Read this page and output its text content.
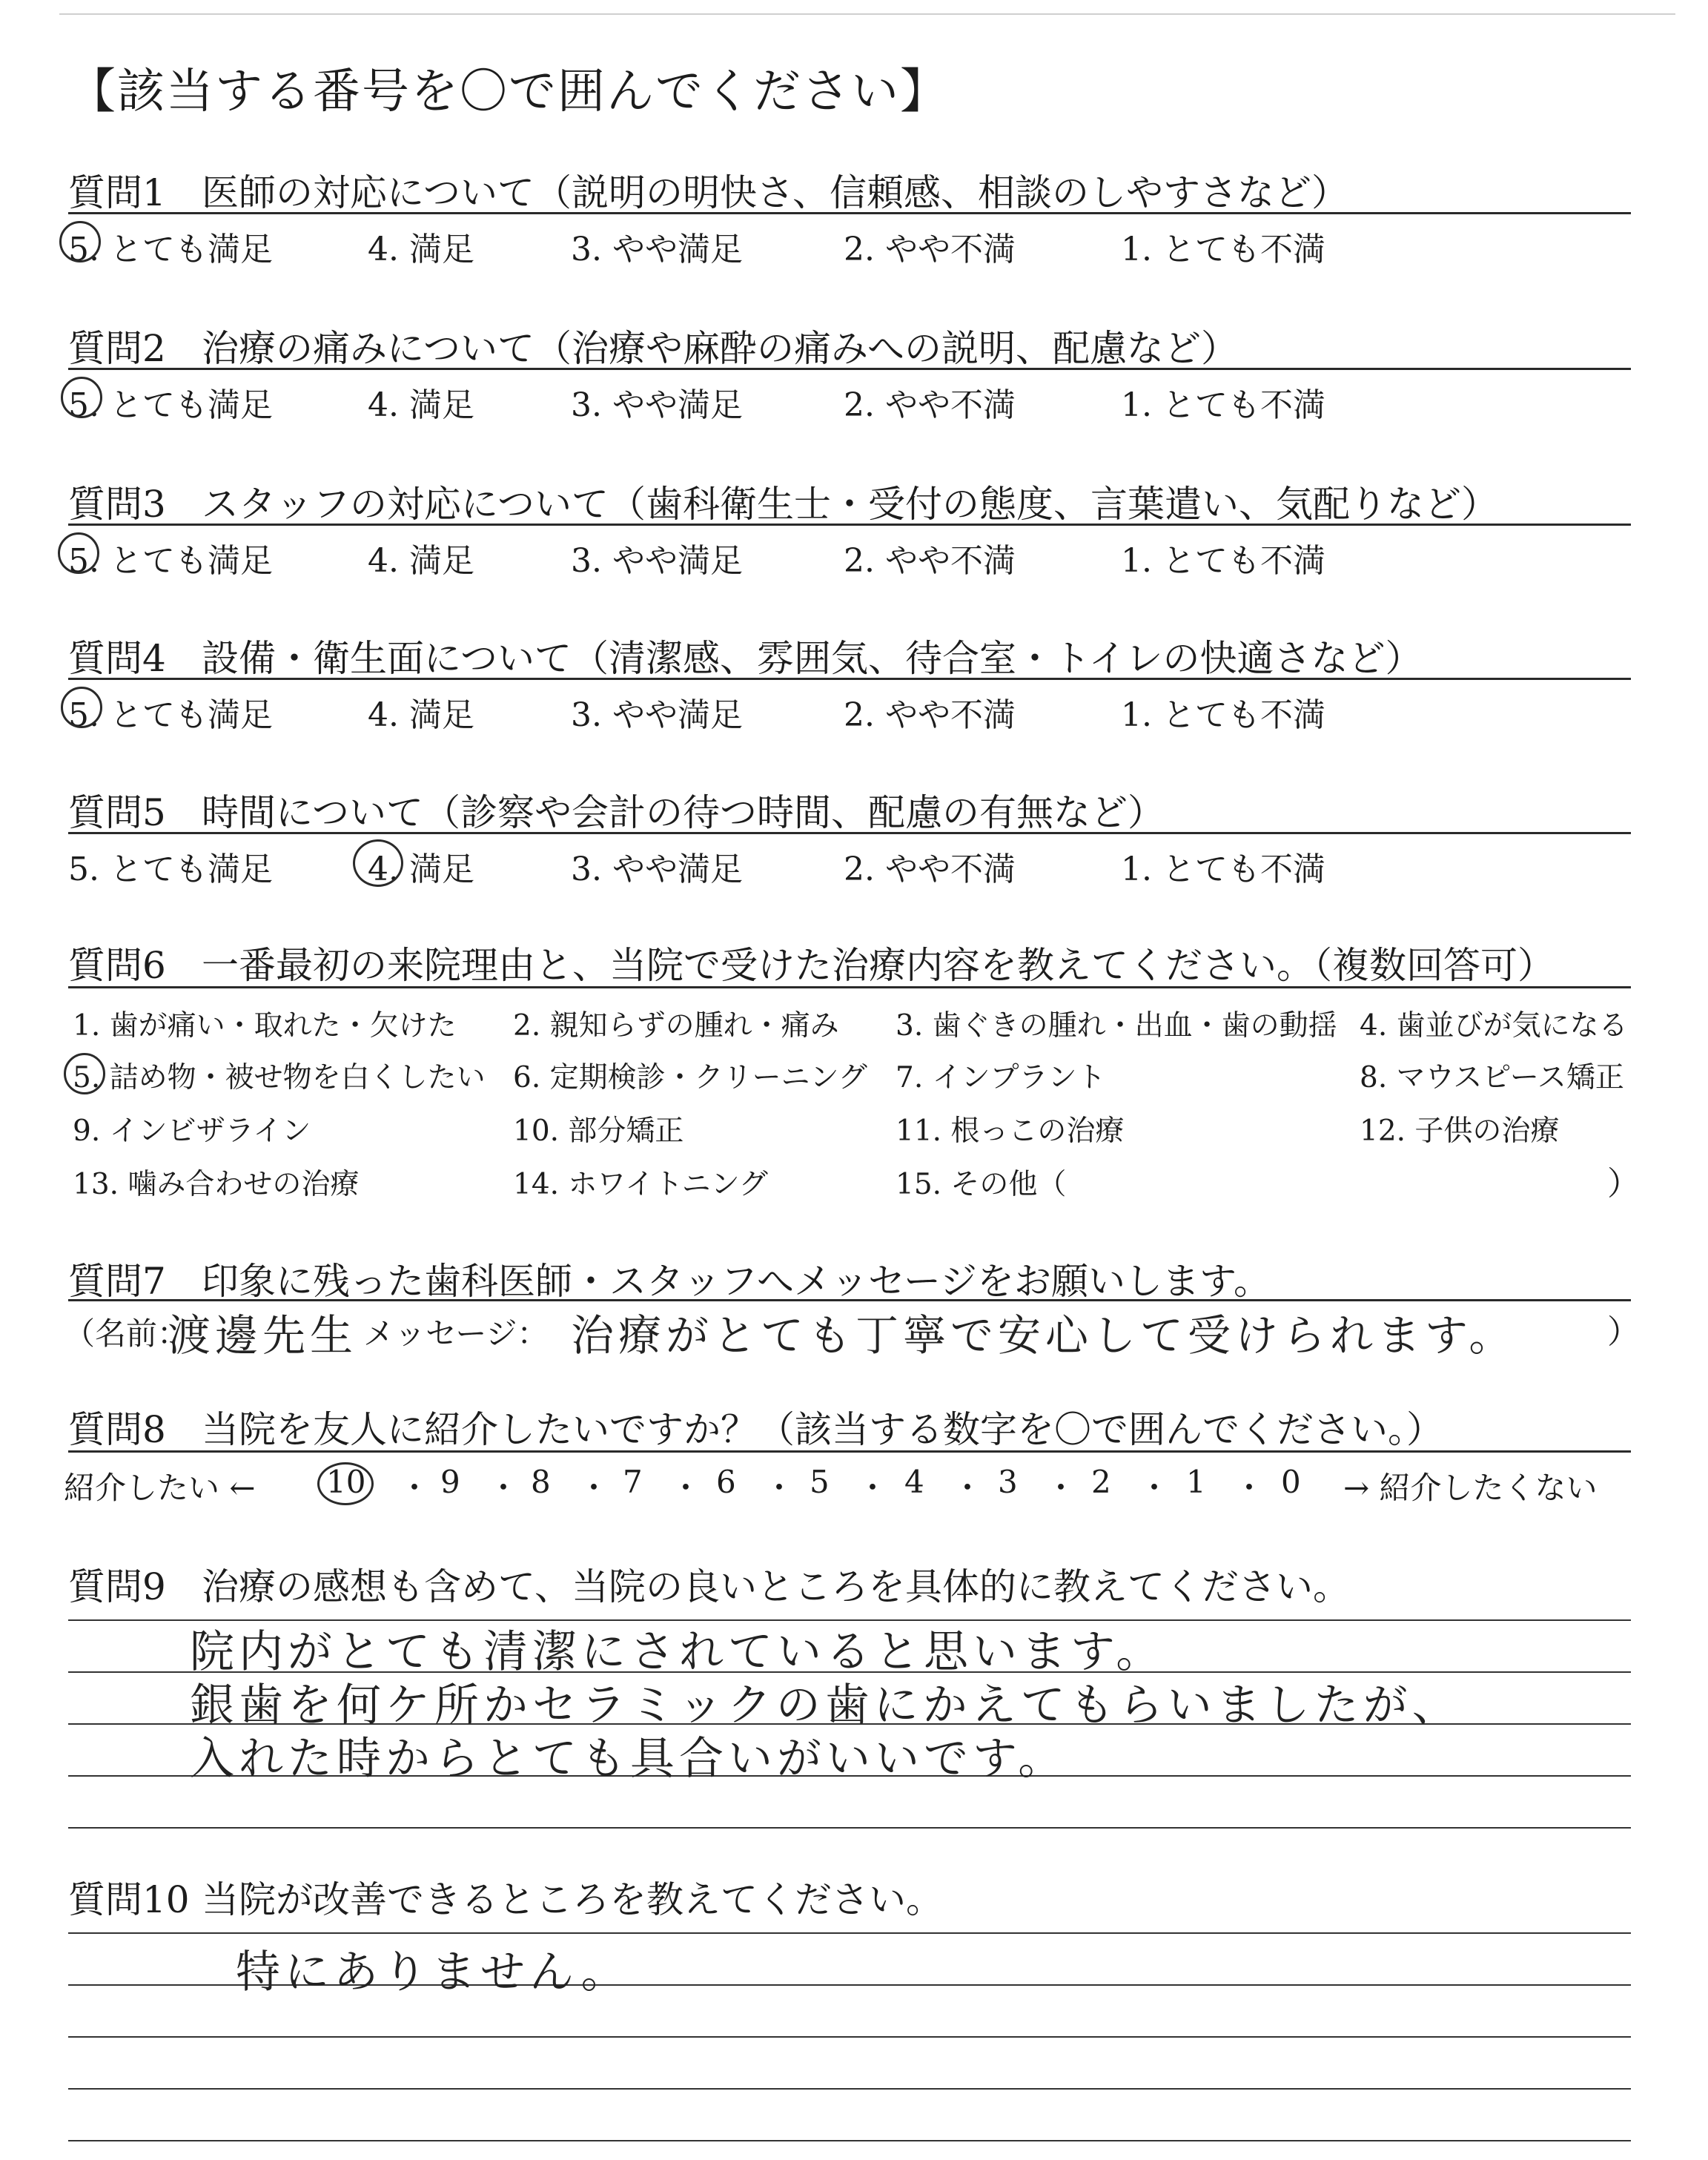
【該当する番号を〇で囲んでください】
質問1 医師の対応について（説明の明快さ、信頼感、相談のしやすさなど）
5. とても満足	4. 満足	3. やや満足	2. やや不満	1. とても不満
質問2 治療の痛みについて（治療や麻酔の痛みへの説明、配慮など）
5. とても満足	4. 満足	3. やや満足	2. やや不満	1. とても不満
質問3 スタッフの対応について（歯科衛生士・受付の態度、言葉遣い、気配りなど）
5. とても満足	4. 満足	3. やや満足	2. やや不満	1. とても不満
質問4 設備・衛生面について（清潔感、雰囲気、待合室・トイレの快適さなど）
5. とても満足	4. 満足	3. やや満足	2. やや不満	1. とても不満
質問5 時間について（診察や会計の待つ時間、配慮の有無など）
5. とても満足	4. 満足	3. やや満足	2. やや不満	1. とても不満
質問6 一番最初の来院理由と、当院で受けた治療内容を教えてください。（複数回答可）
1. 歯が痛い・取れた・欠けた 2. 親知らずの腫れ・痛み 3. 歯ぐきの腫れ・出血・歯の動揺 4. 歯並びが気になる
5. 詰め物・被せ物を白くしたい 6. 定期検診・クリーニング 7. インプラント	8. マウスピース矯正
9. インビザライン	10. 部分矯正	11. 根っこの治療	12. 子供の治療
13. 噛み合わせの治療	14. ホワイトニング	15. その他（	）
質問7 印象に残った歯科医師・スタッフへメッセージをお願いします。
（名前：
渡邊先生 メッセージ： 治療がとても丁寧で安心して受けられます。	）
質問8 当院を友人に紹介したいですか？（該当する数字を〇で囲んでください。）
紹介したい ← 10 ・ 9 ・ 8 ・ 7 ・ 6 ・ 5 ・ 4 ・ 3 ・ 2 ・ 1 ・ 0 → 紹介したくない
質問9 治療の感想も含めて、当院の良いところを具体的に教えてください。
院内がとても清潔にされていると思います。
銀歯を何ケ所かセラミックの歯にかえてもらいましたが、
入れた時からとても具合いがいいです。
質問10 当院が改善できるところを教えてください。
特にありません。
